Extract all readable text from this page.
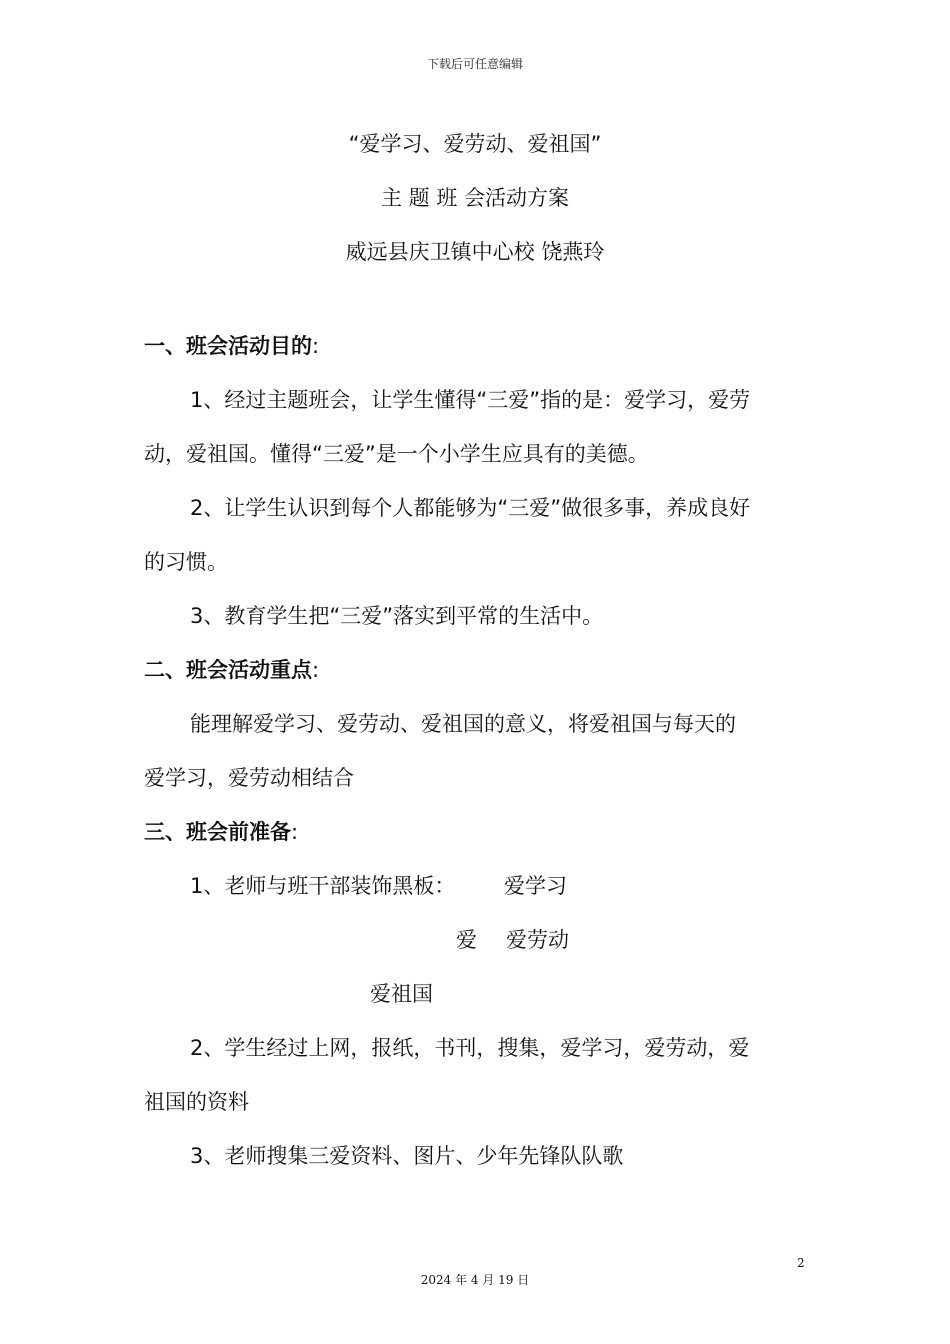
下载后可任意编辑
“爱学习、爱劳动、爱祖国”
主 题 班 会活动方案
威远县庆卫镇中心校 饶燕玲
一、班会活动目的:
1、经过主题班会，让学生懂得“三爱”指的是：爱学习，爱劳
动，爱祖国。懂得“三爱”是一个小学生应具有的美德。
2、让学生认识到每个人都能够为“三爱”做很多事，养成良好
的习惯。
3、教育学生把“三爱”落实到平常的生活中。
二、班会活动重点:
能理解爱学习、爱劳动、爱祖国的意义，将爱祖国与每天的
爱学习，爱劳动相结合
三、班会前准备:
1、老师与班干部装饰黑板： 爱学习
爱 爱劳动
爱祖国
2、学生经过上网，报纸，书刊，搜集，爱学习，爱劳动，爱
祖国的资料
3、老师搜集三爱资料、图片、少年先锋队队歌
2
2024 年 4 月 19 日
